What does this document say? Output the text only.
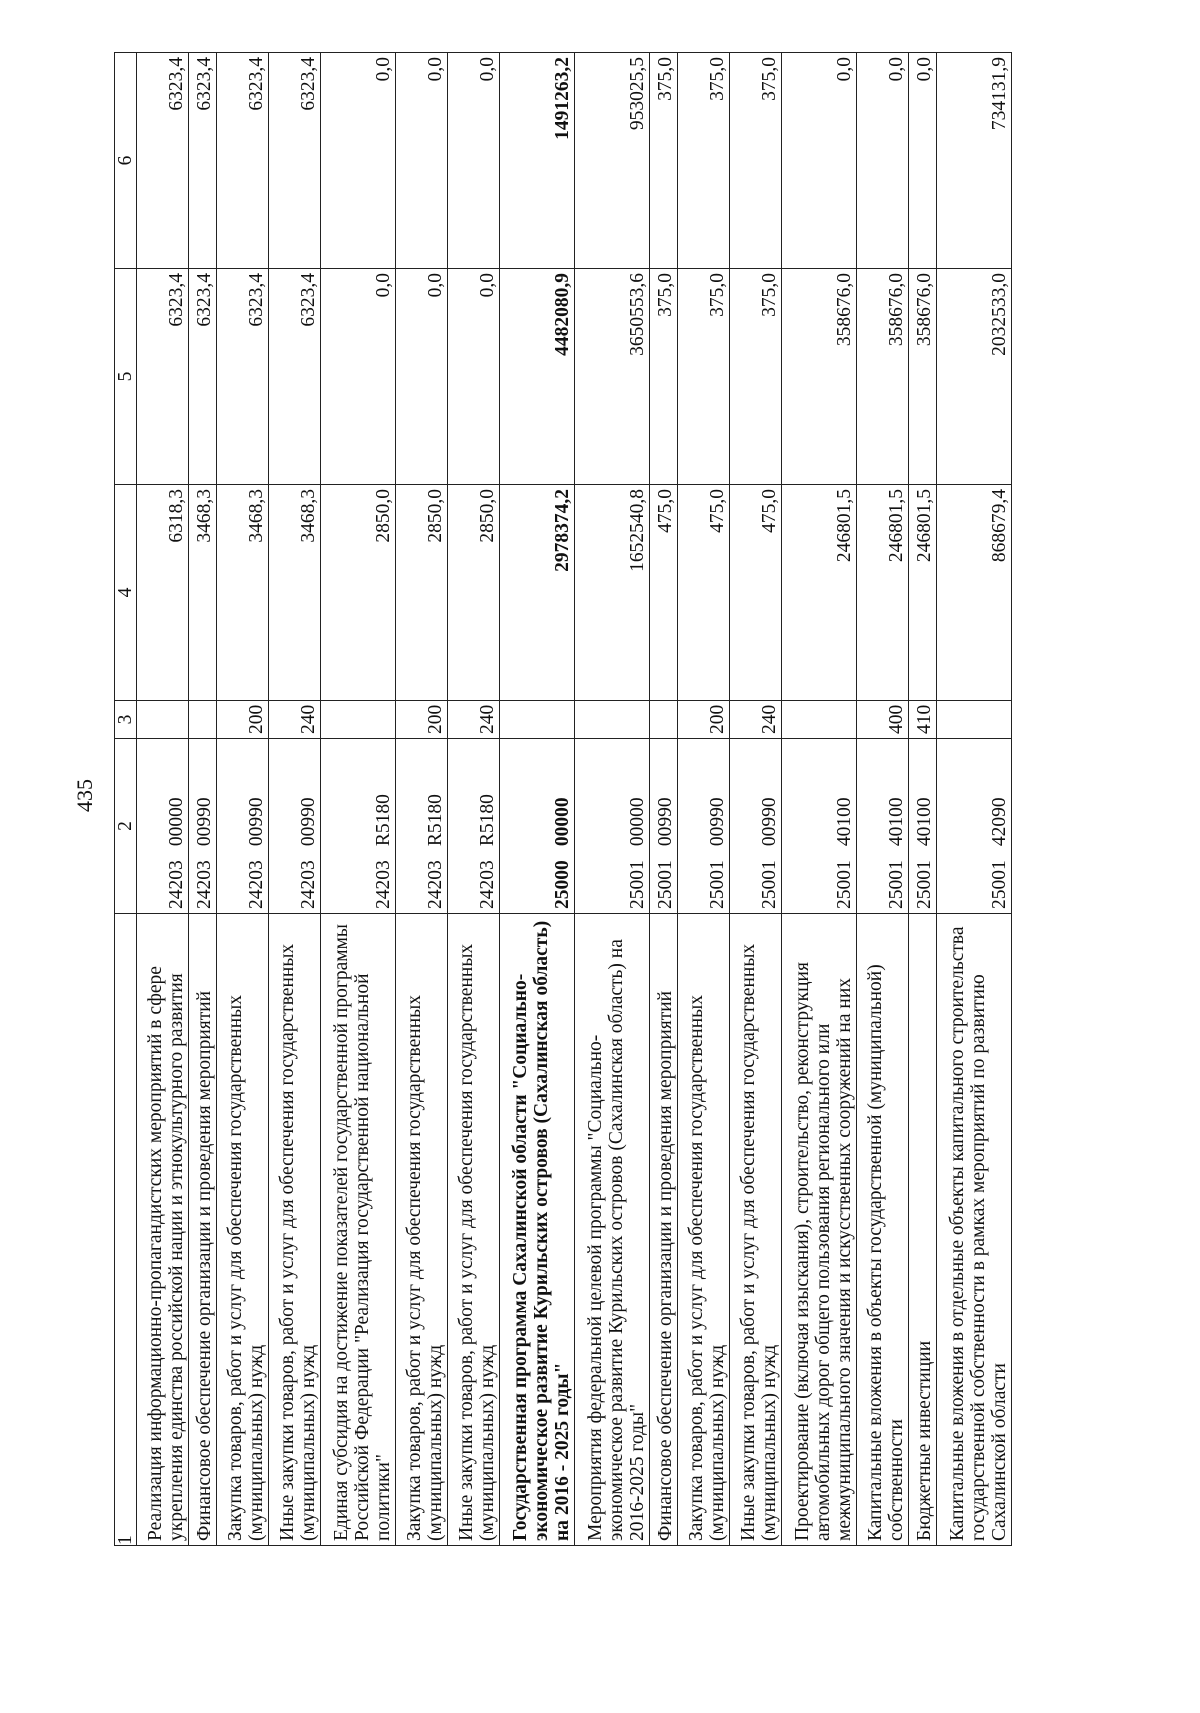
435
1	2	3	4	5	6
Реализация информационно-пропагандистских мероприятий в сфере укрепления единства российской нации и этнокультурного развития	24203 00000		6318,3	6323,4	6323,4
Финансовое обеспечение организации и проведения мероприятий	24203 00990		3468,3	6323,4	6323,4
Закупка товаров, работ и услуг для обеспечения государственных (муниципальных) нужд	24203 00990	200	3468,3	6323,4	6323,4
Иные закупки товаров, работ и услуг для обеспечения государственных (муниципальных) нужд	24203 00990	240	3468,3	6323,4	6323,4
Единая субсидия на достижение показателей государственной программы Российской Федерации "Реализация государственной национальной политики"	24203 R5180		2850,0	0,0	0,0
Закупка товаров, работ и услуг для обеспечения государственных (муниципальных) нужд	24203 R5180	200	2850,0	0,0	0,0
Иные закупки товаров, работ и услуг для обеспечения государственных (муниципальных) нужд	24203 R5180	240	2850,0	0,0	0,0
Государственная программа Сахалинской области "Социально-экономическое развитие Курильских островов (Сахалинская область) на 2016 - 2025 годы"	25000 00000		2978374,2	4482080,9	1491263,2
Мероприятия федеральной целевой программы "Социально-экономическое развитие Курильских островов (Сахалинская область) на 2016-2025 годы"	25001 00000		1652540,8	3650553,6	953025,5
Финансовое обеспечение организации и проведения мероприятий	25001 00990		475,0	375,0	375,0
Закупка товаров, работ и услуг для обеспечения государственных (муниципальных) нужд	25001 00990	200	475,0	375,0	375,0
Иные закупки товаров, работ и услуг для обеспечения государственных (муниципальных) нужд	25001 00990	240	475,0	375,0	375,0
Проектирование (включая изыскания), строительство, реконструкция автомобильных дорог общего пользования регионального или межмуниципального значения и искусственных сооружений на них	25001 40100		246801,5	358676,0	0,0
Капитальные вложения в объекты государственной (муниципальной) собственности	25001 40100	400	246801,5	358676,0	0,0
Бюджетные инвестиции	25001 40100	410	246801,5	358676,0	0,0
Капитальные вложения в отдельные объекты капитального строительства государственной собственности в рамках мероприятий по развитию Сахалинской области	25001 42090		868679,4	2032533,0	734131,9
